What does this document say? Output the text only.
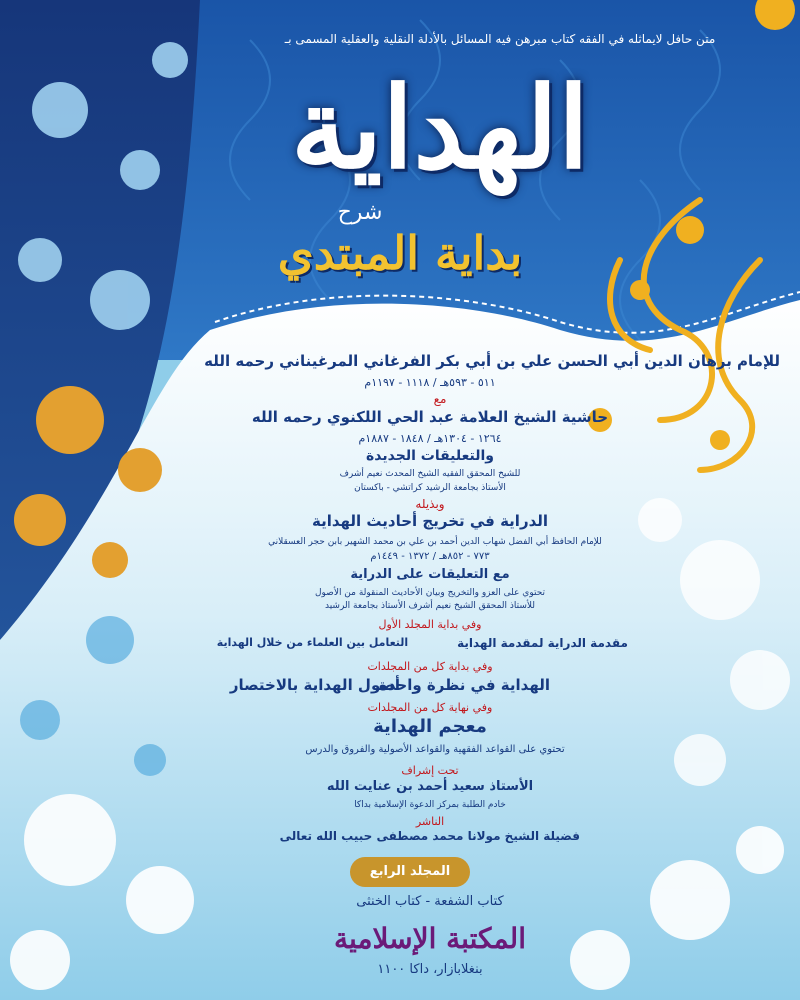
متن حافل لايماثله في الفقه كتاب مبرهن فيه المسائل بالأدلة النقلية والعقلية المسمى بـ
الهداية
شرح
بداية المبتدي
للإمام برهان الدين أبي الحسن علي بن أبي بكر الفرغاني المرغيناني رحمه الله
٥١١ - ٥٩٣هـ / ١١١٨ - ١١٩٧م
مع
حاشية الشيخ العلامة عبد الحي اللكنوي رحمه الله
١٢٦٤ - ١٣٠٤هـ / ١٨٤٨ - ١٨٨٧م
والتعليقات الجديدة
للشيخ المحقق الفقيه الشيخ المحدث نعيم أشرف
الأستاذ بجامعة الرشيد كراتشي - باكستان
وبذيله
الدراية في تخريج أحاديث الهداية
للإمام الحافظ أبي الفضل شهاب الدين أحمد بن علي بن محمد الشهير بابن حجر العسقلاني
٧٧٣ - ٨٥٢هـ / ١٣٧٢ - ١٤٤٩م
مع التعليقات على الدراية
تحتوي على العزو والتخريج وبيان الأحاديث المنقولة من الأصول
للأستاذ المحقق الشيخ نعيم أشرف الأستاذ بجامعة الرشيد
وفي بداية المجلد الأول
مقدمة الدراية لمقدمة الهداية
التعامل بين العلماء من خلال الهداية
وفي بداية كل من المجلدات
الهداية في نظرة واحدة
أصول الهداية بالاختصار
وفي نهاية كل من المجلدات
معجم الهداية
تحتوي على القواعد الفقهية والقواعد الأصولية والفروق والدرس
تحت إشراف
الأستاذ سعيد أحمد بن عنايت الله
خادم الطلبة بمركز الدعوة الإسلامية بداكا
الناشر
فضيلة الشيخ مولانا محمد مصطفى حبيب الله تعالى
المجلد الرابع
كتاب الشفعة - كتاب الخنثى
المكتبة الإسلامية
بنغلابازار، داكا ١١٠٠
